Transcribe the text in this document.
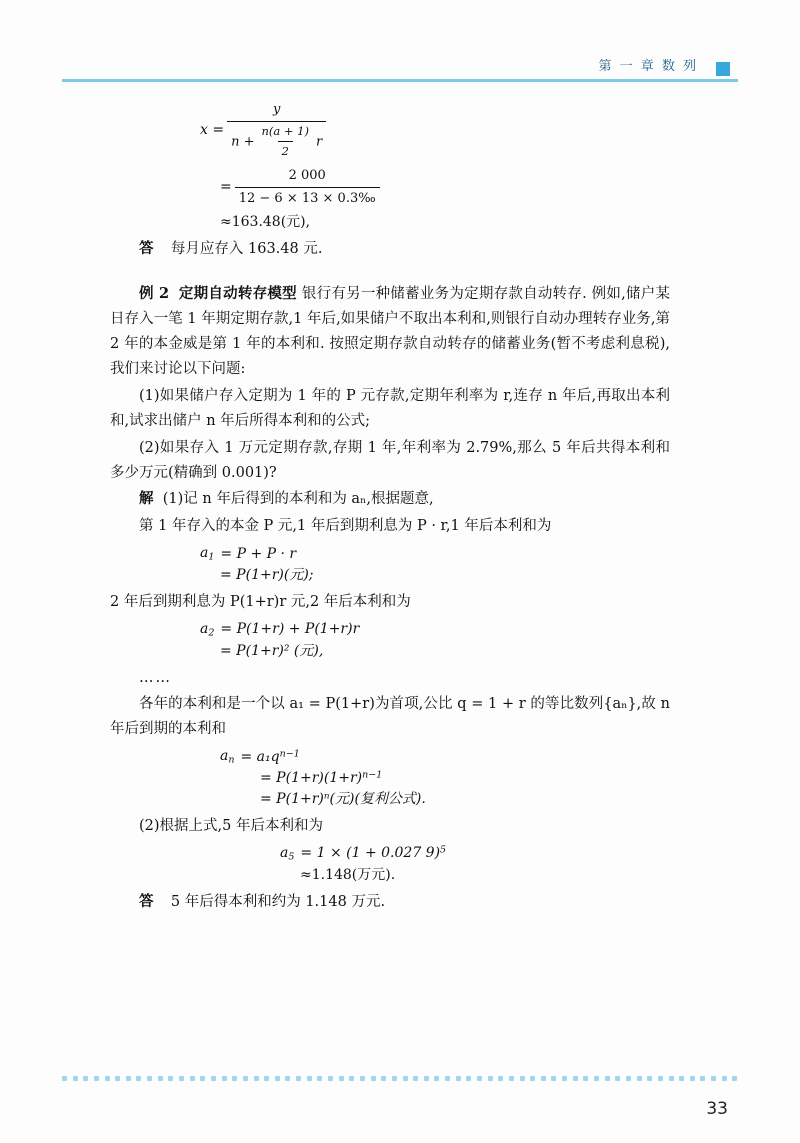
第 一 章 数 列
$x = \frac{y}{n + \frac{n(a + 1)}{2} r}$
= $\frac{2 000}{12 - 6 \times 13 \times 0.3‰}$
≈163.48(元),
答 每月应存入 163.48 元.

例 2 定期自动转存模型 银行有另一种储蓄业务为定期存款自动转存. 例如,储户某日存入一笔 1 年期定期存款,1 年后,如果储户不取出本利和,则银行自动办理转存业务,第 2 年的本金威是第 1 年的本利和. 按照定期存款自动转存的储蓄业务(暂不考虑利息税),我们来讨论以下问题:

(1)如果储户存入定期为 1 年的 P 元存款,定期年利率为 r,连存 n 年后,再取出本利和,试求出储户 n 年后所得本利和的公式;

(2)如果存入 1 万元定期存款,存期 1 年,年利率为 2.79%,那么 5 年后共得本利和多少万元(精确到 0.001)?

解 (1)记 n 年后得到的本利和为 aₙ,根据题意,

第 1 年存入的本金 P 元,1 年后到期利息为 P · r,1 年后本利和为

$a_1 = P + P \cdot r$
= P(1+r)(元);

2 年后到期利息为 P(1+r)r 元,2 年后本利和为

$a_2 = P(1+r) + P(1+r)r$
= P(1+r)² (元),

……

各年的本利和是一个以 a₁ = P(1+r)为首项,公比 q = 1 + r 的等比数列{aₙ},故 n 年后到期的本利和

$a_n = a_1q^{n-1}$
= $P(1+r)(1+r)^{n-1}$
= P(1+r)ⁿ(元)(复利公式).

(2)根据上式,5 年后本利和为

$a_5 = 1 \times (1 + 0.027$ 9)$^5$
≈1.148(万元).
答 5 年后得本利和约为 1.148 万元.
33
